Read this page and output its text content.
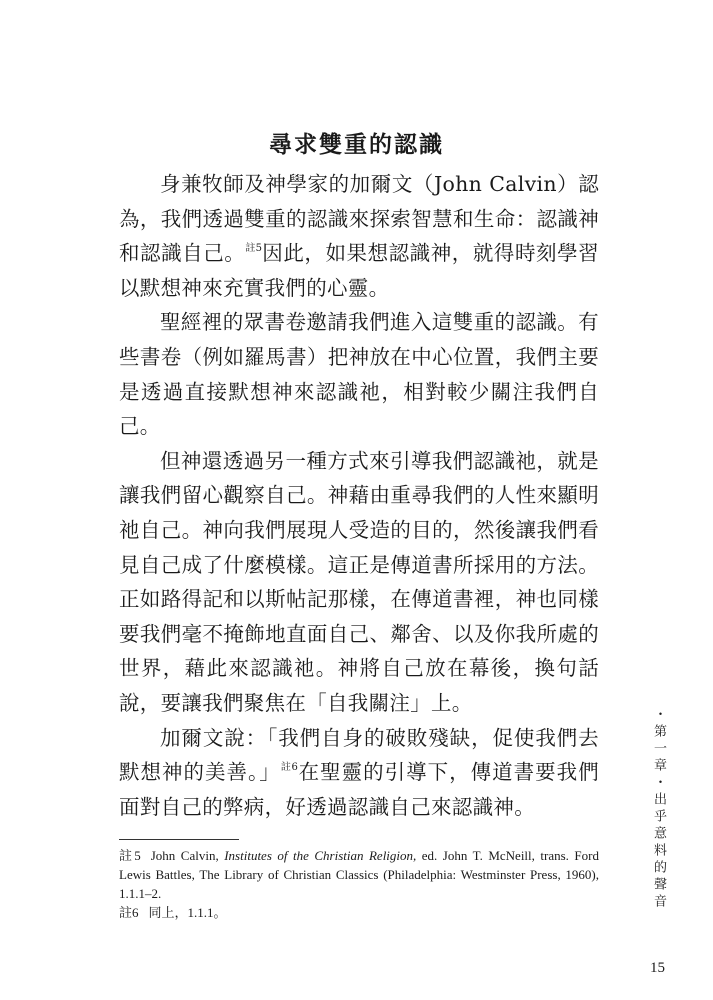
尋求雙重的認識

身兼牧師及神學家的加爾文（John Calvin）認為，我們透過雙重的認識來探索智慧和生命：認識神和認識自己。$^{註5}$因此，如果想認識神，就得時刻學習以默想神來充實我們的心靈。

聖經裡的眾書卷邀請我們進入這雙重的認識。有些書卷（例如羅馬書）把神放在中心位置，我們主要是透過直接默想神來認識祂，相對較少關注我們自己。

但神還透過另一種方式來引導我們認識祂，就是讓我們留心觀察自己。神藉由重尋我們的人性來顯明祂自己。神向我們展現人受造的目的，然後讓我們看見自己成了什麼模樣。這正是傳道書所採用的方法。正如路得記和以斯帖記那樣，在傳道書裡，神也同樣要我們毫不掩飾地直面自己、鄰舍、以及你我所處的世界，藉此來認識祂。神將自己放在幕後，換句話說，要讓我們聚焦在「自我關注」上。

加爾文說：「我們自身的破敗殘缺，促使我們去默想神的美善。」$^{註6}$在聖靈的引導下，傳道書要我們面對自己的弊病，好透過認識自己來認識神。	・第一章・出乎意料的聲音

註5 John Calvin, Institutes of the Christian Religion, ed. John T. McNeill, trans. Ford Lewis Battles, The Library of Christian Classics (Philadelphia: Westminster Press, 1960), 1.1.1–2.

註6 同上，1.1.1。

15
